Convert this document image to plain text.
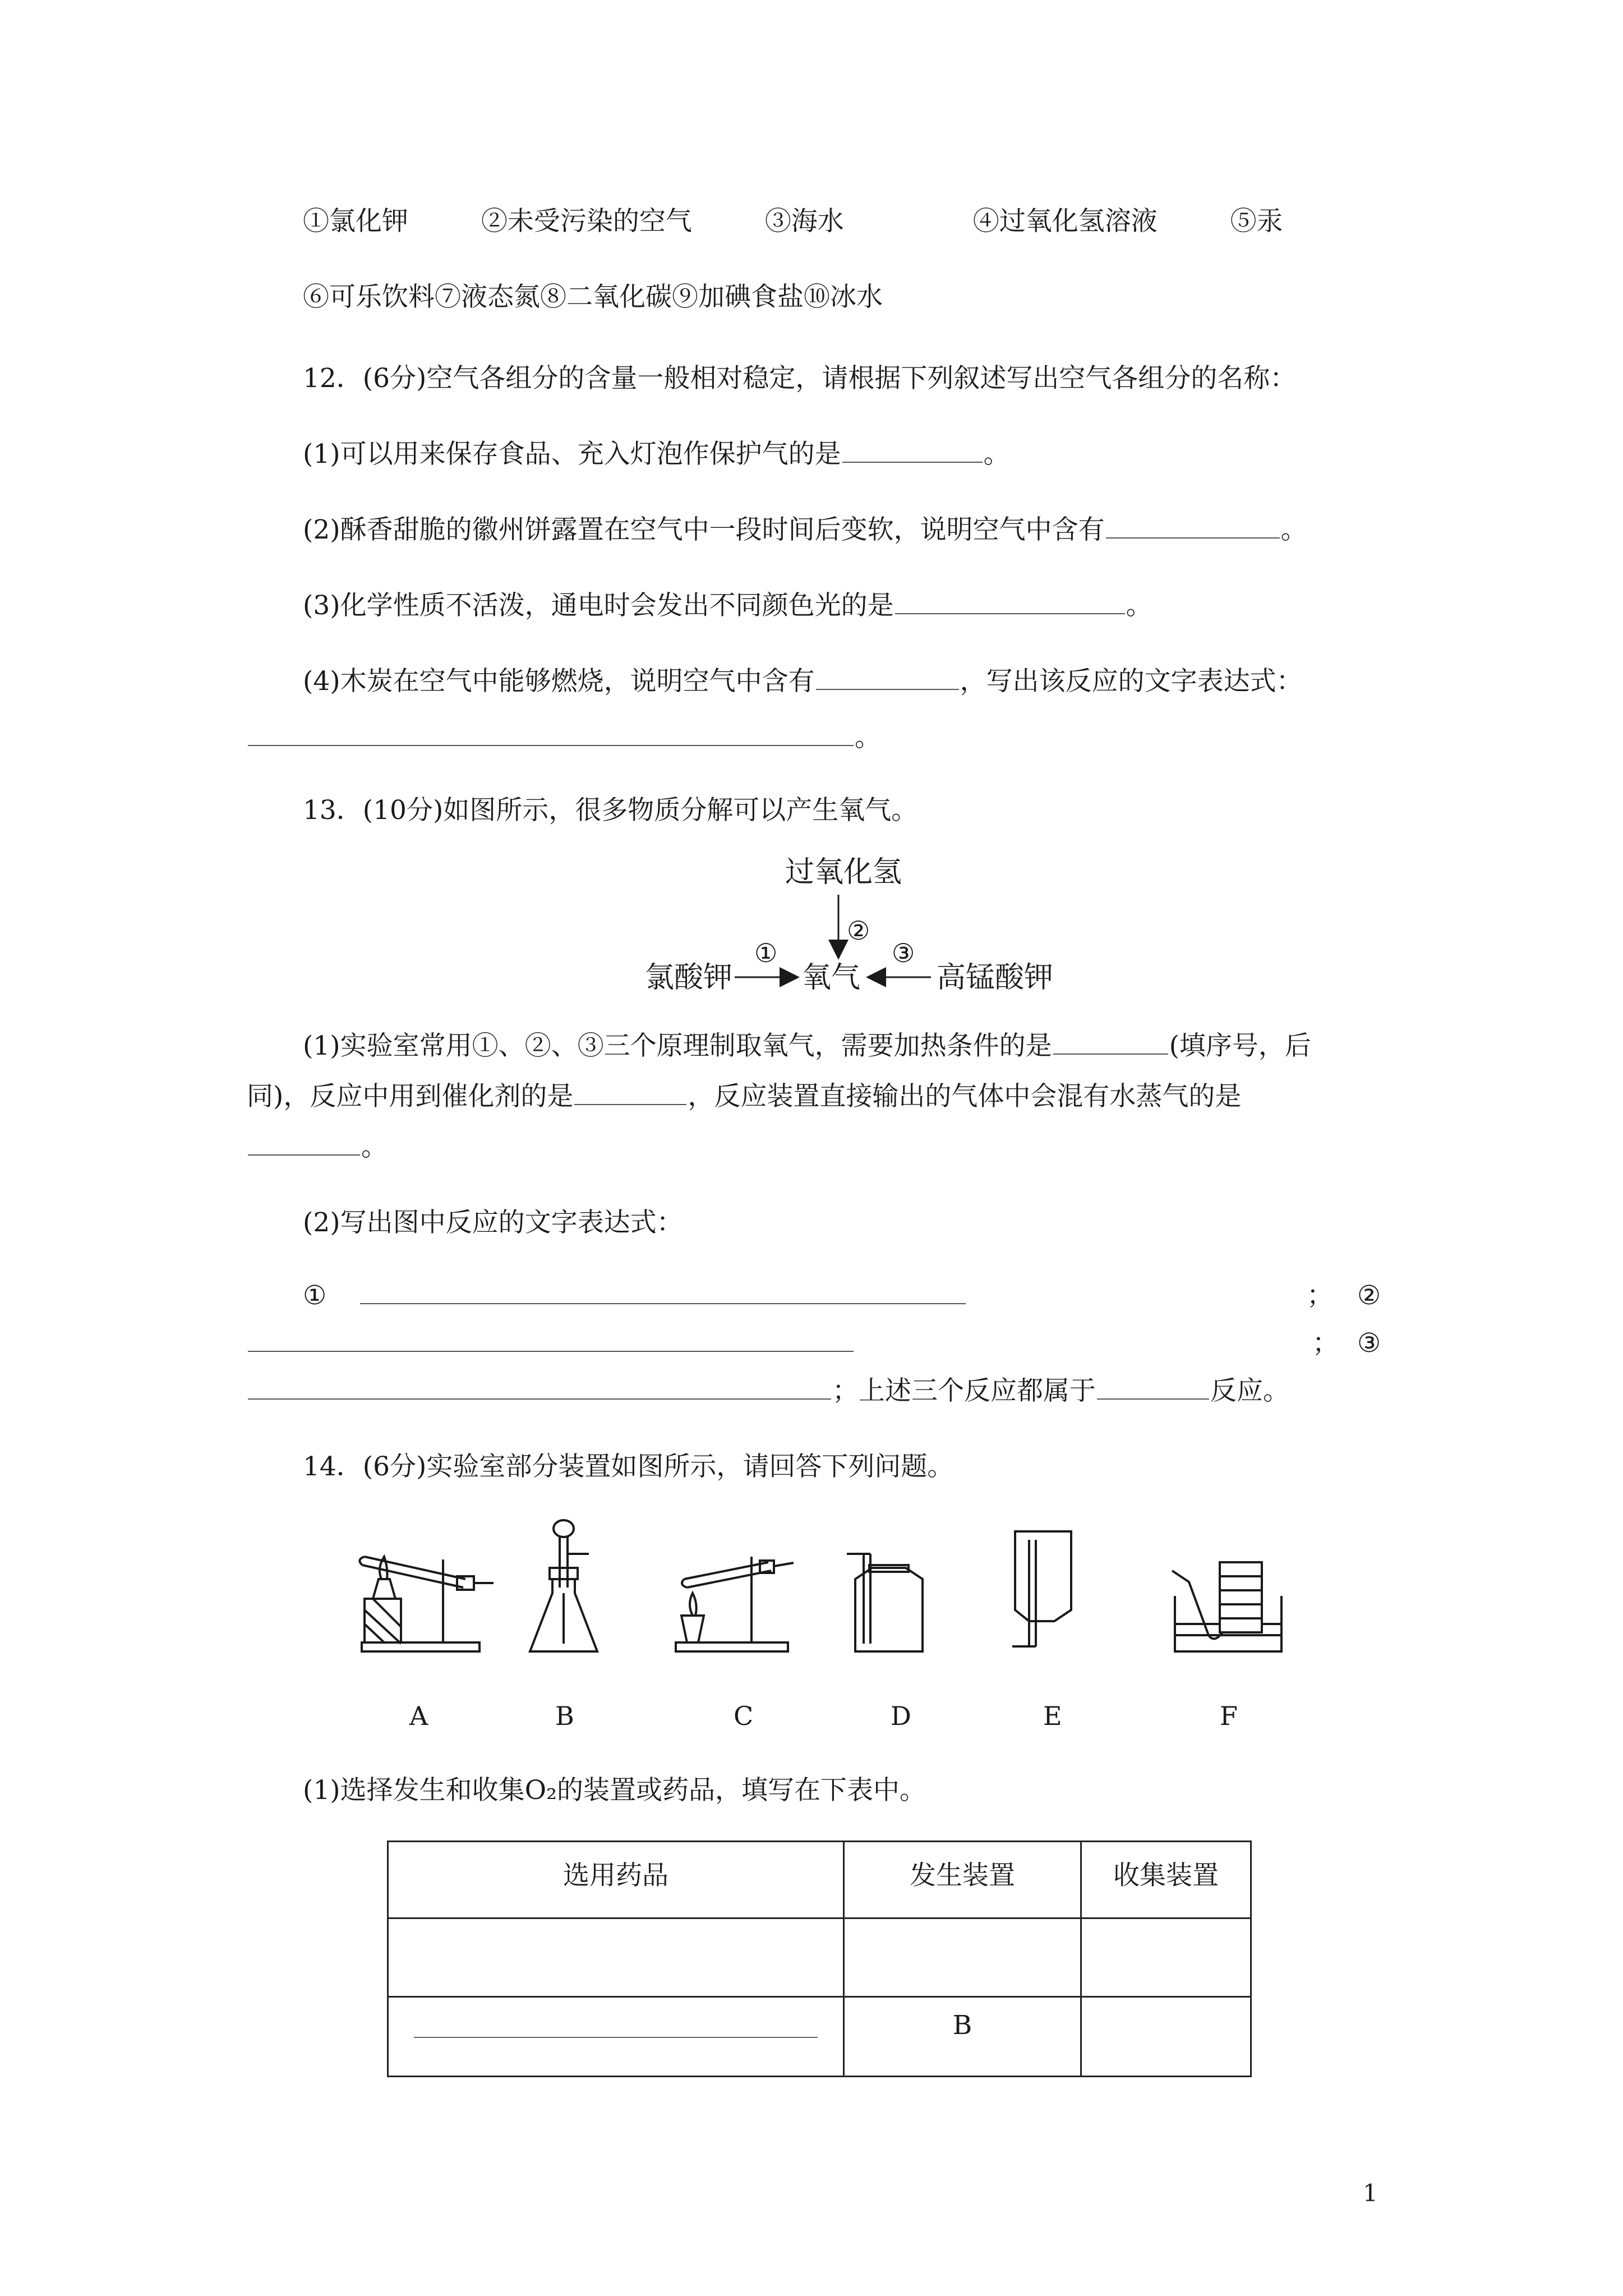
①氯化钾	②未受污染的空气	③海水	④过氧化氢溶液	⑤汞
⑥可乐饮料⑦液态氮⑧二氧化碳⑨加碘食盐⑩冰水
12．(6分)空气各组分的含量一般相对稳定，请根据下列叙述写出空气各组分的名称：
(1)可以用来保存食品、充入灯泡作保护气的是	。
(2)酥香甜脆的徽州饼露置在空气中一段时间后变软，说明空气中含有	。
(3)化学性质不活泼，通电时会发出不同颜色光的是	。
(4)木炭在空气中能够燃烧，说明空气中含有	，写出该反应的文字表达式：
。
13．(10分)如图所示，很多物质分解可以产生氧气。
过氧化氢
②
氯酸钾
①
氧气
③
高锰酸钾
(1)实验室常用①、②、③三个原理制取氧气，需要加热条件的是	(填序号，后
同)，反应中用到催化剂的是	，反应装置直接输出的气体中会混有水蒸气的是
。
(2)写出图中反应的文字表达式：
①	； ②
； ③
；上述三个反应都属于	反应。
14．(6分)实验室部分装置如图所示，请回答下列问题。
A	B	C	D	E	F
(1)选择发生和收集O₂的装置或药品，填写在下表中。
选用药品	发生装置	收集装置

	B	
1
